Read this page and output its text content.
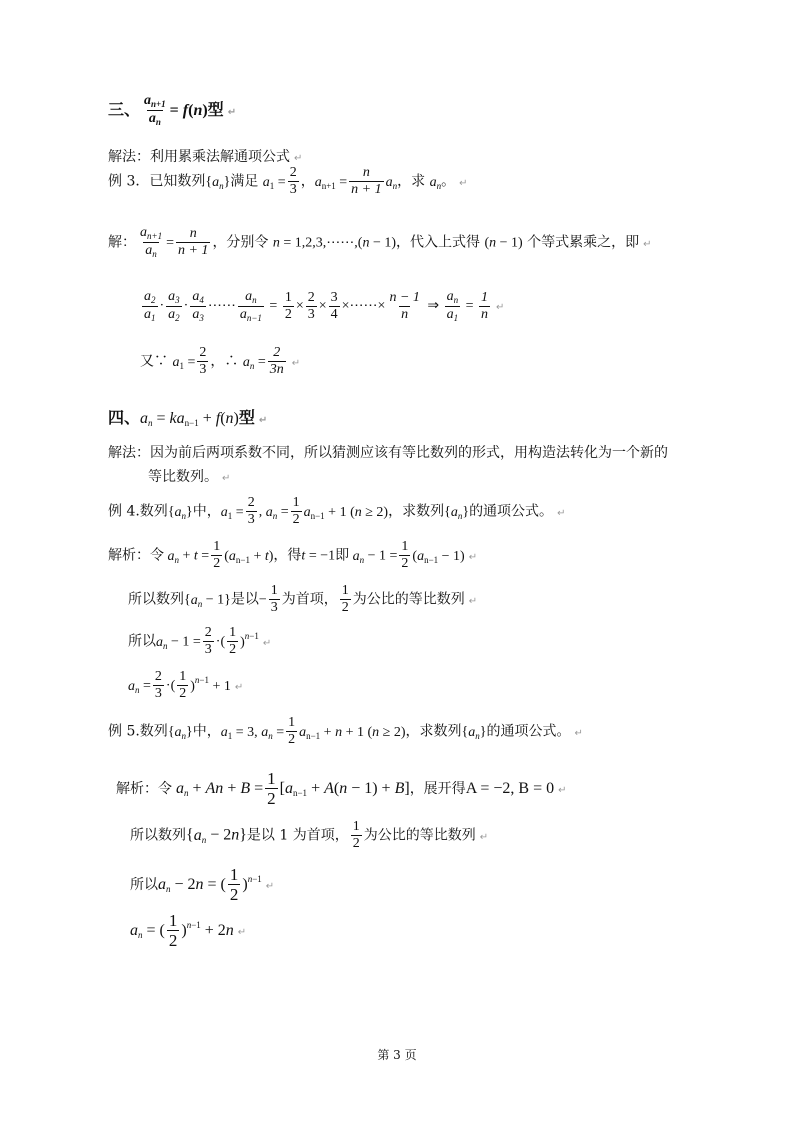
三、 $\frac{a_{n+1}}{a_n} = f(n)$型 ↵
解法：利用累乘法解通项公式 ↵
例 3．已知数列$\{a_n\}$满足 $a_1 = \frac{2}{3}$ ，$a_{n+1} = \frac{n}{n + 1} a_n$，求 $a_n$。 ↵
解： $\frac{a_{n+1}}{a_n} = \frac{n}{n + 1}$ ，分别令 n = 1,2,3,⋯⋯,(n − 1)，代入上式得 (n − 1) 个等式累乘之，即 ↵
$\frac{a_2}{a_1} \cdot \frac{a_3}{a_2} \cdot \frac{a_4}{a_3}$ ⋯⋯ $\frac{a_n}{a_{n-1}} = \frac{1}{2} \times \frac{2}{3} \times \frac{3}{4}$ ×⋯⋯× $\frac{n - 1}{n}$ ⇒ $\frac{a_n}{a_1} = \frac{1}{n}$ ↵
又∵ $a_1 = \frac{2}{3}$ ，∴ $a_n = \frac{2}{3n}$ ↵
四、$a_n = ka_{n-1} + f(n)$型 ↵
解法：因为前后两项系数不同，所以猜测应该有等比数列的形式，用构造法转化为一个新的
等比数列。 ↵
例 4.数列$\{a_n\}$中，$a_1 = \frac{2}{3}$ , $a_n = \frac{1}{2} a_{n-1} + 1$ (n ≥ 2)，求数列$\{a_n\}$的通项公式。 ↵
解析：令 $a_n + t = \frac{1}{2} (a_{n-1} + t)$，得t = −1即 $a_n - 1 = \frac{1}{2} (a_{n-1} - 1)$ ↵
所以数列$\{a_n - 1\}$是以− $\frac{1}{3}$ 为首项， $\frac{1}{2}$ 为公比的等比数列 ↵
所以$a_n - 1 = \frac{2}{3}$ ·( $\frac{1}{2}$ )$^{n-1}$↵
$a_n = \frac{2}{3}$ ·( $\frac{1}{2} )^{n-1} + 1$ ↵
例 5.数列$\{a_n\}$中，$a_1 = 3$, $a_n = \frac{1}{2} a_{n-1} + n + 1$ (n ≥ 2)，求数列$\{a_n\}$的通项公式。 ↵
解析：令 $a_n + An + B = \frac{1}{2} [a_{n-1} + A(n - 1) + B]$，展开得A = −2, B = 0 ↵
所以数列$\{a_n - 2n\}$是以 1 为首项， $\frac{1}{2}$ 为公比的等比数列 ↵
所以$a_n - 2n$ = ( $\frac{1}{2}$ )$^{n-1}$↵
$a_n$ = ( $\frac{1}{2} )^{n-1} + 2n$ ↵
第 3 页
